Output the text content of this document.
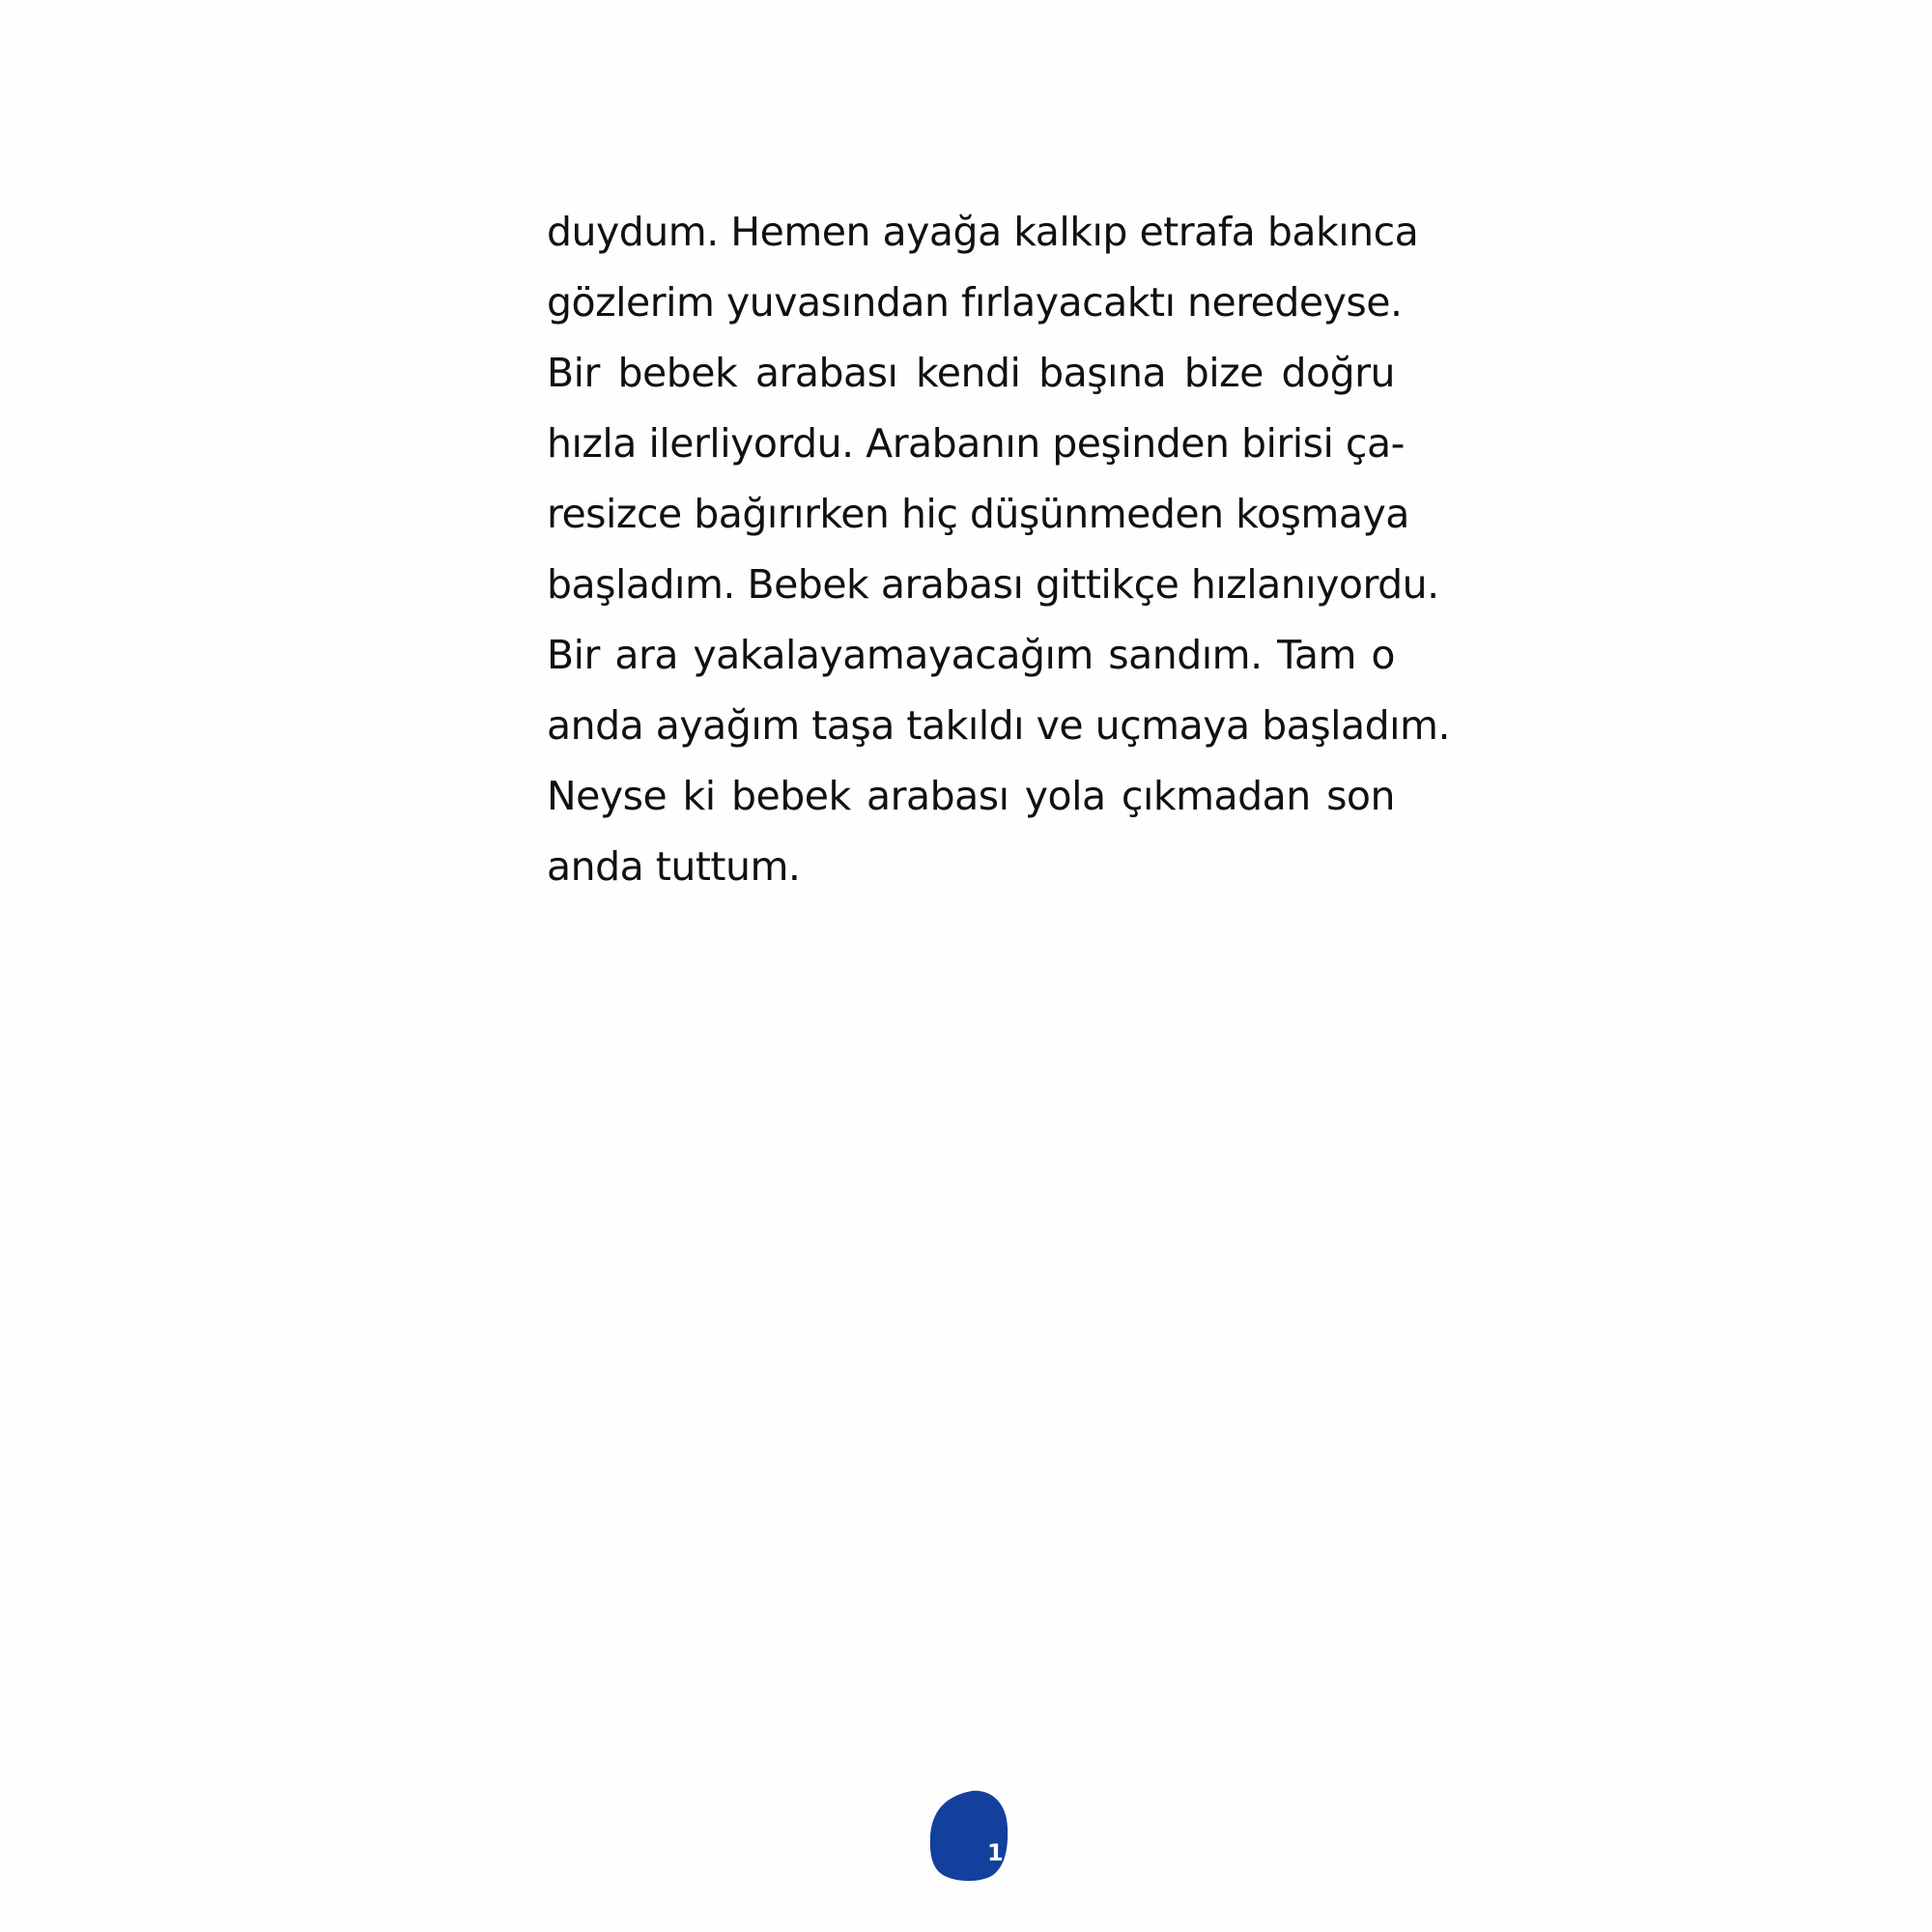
duydum. Hemen ayağa kalkıp etrafa bakınca
gözlerim yuvasından fırlayacaktı neredeyse.
Bir bebek arabası kendi başına bize doğru
hızla ilerliyordu. Arabanın peşinden birisi ça-
resizce bağırırken hiç düşünmeden koşmaya
başladım. Bebek arabası gittikçe hızlanıyordu.
Bir ara yakalayamayacağım sandım. Tam o
anda ayağım taşa takıldı ve uçmaya başladım.
Neyse ki bebek arabası yola çıkmadan son
anda tuttum.
1
